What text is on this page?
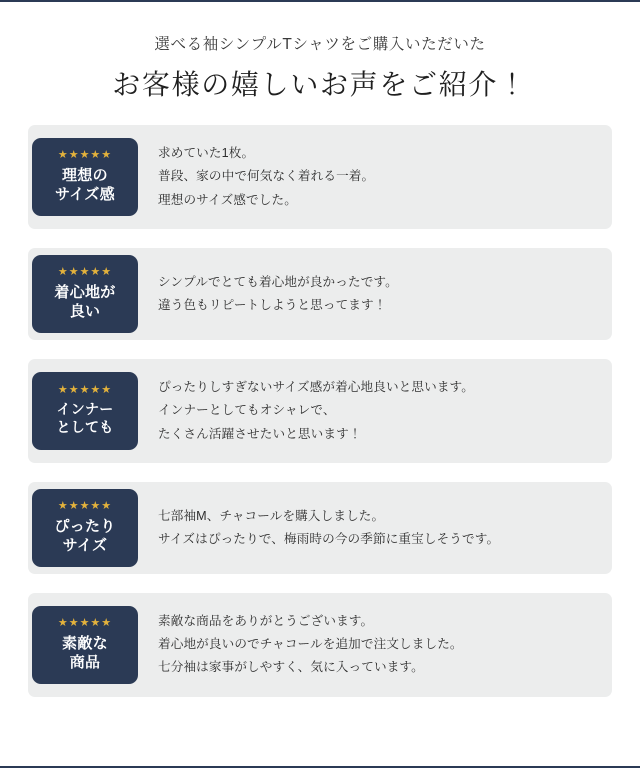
選べる袖シンプルTシャツをご購入いただいた
お客様の嬉しいお声をご紹介！
求めていた1枚。
普段、家の中で何気なく着れる一着。
理想のサイズ感でした。
★★★★★
理想の
サイズ感
シンプルでとても着心地が良かったです。
違う色もリピートしようと思ってます！
★★★★★
着心地が
良い
ぴったりしすぎないサイズ感が着心地良いと思います。
インナーとしてもオシャレで、
たくさん活躍させたいと思います！
★★★★★
インナー
としても
七部袖M、チャコールを購入しました。
サイズはぴったりで、梅雨時の今の季節に重宝しそうです。
★★★★★
ぴったり
サイズ
素敵な商品をありがとうございます。
着心地が良いのでチャコールを追加で注文しました。
七分袖は家事がしやすく、気に入っています。
★★★★★
素敵な
商品
